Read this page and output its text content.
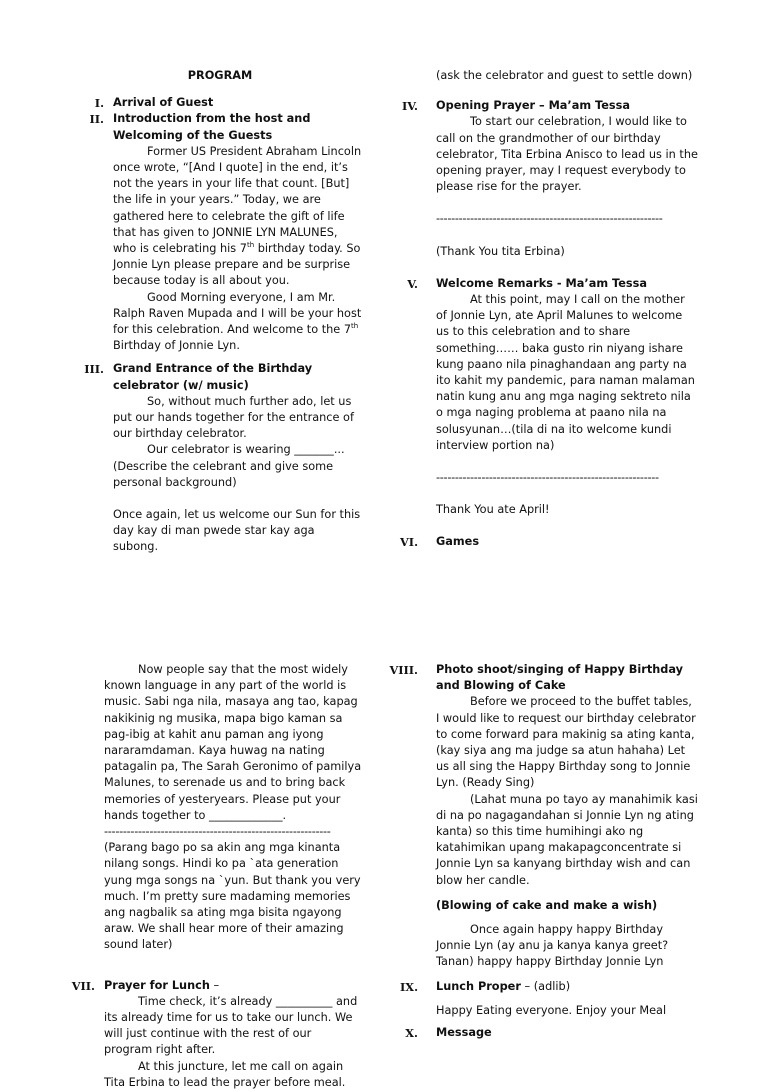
PROGRAM
I. Arrival of Guest
II. Introduction from the host and Welcoming of the Guests
Former US President Abraham Lincoln once wrote, “[And I quote] in the end, it’s not the years in your life that count. [But] the life in your years.” Today, we are gathered here to celebrate the gift of life that has given to JONNIE LYN MALUNES, who is celebrating his 7th birthday today. So Jonnie Lyn please prepare and be surprise because today is all about you.
Good Morning everyone, I am Mr. Ralph Raven Mupada and I will be your host for this celebration. And welcome to the 7th Birthday of Jonnie Lyn.
III. Grand Entrance of the Birthday celebrator (w/ music)
So, without much further ado, let us put our hands together for the entrance of our birthday celebrator.
Our celebrator is wearing _______...
(Describe the celebrant and give some personal background)
Once again, let us welcome our Sun for this day kay di man pwede star kay aga subong.
(ask the celebrator and guest to settle down)
IV. Opening Prayer – Ma’am Tessa
To start our celebration, I would like to call on the grandmother of our birthday celebrator, Tita Erbina Anisco to lead us in the opening prayer, may I request everybody to please rise for the prayer.
------------------------------------------------------------
(Thank You tita Erbina)
V. Welcome Remarks - Ma’am Tessa
At this point, may I call on the mother of Jonnie Lyn, ate April Malunes to welcome us to this celebration and to share something…… baka gusto rin niyang ishare kung paano nila pinaghandaan ang party na ito kahit my pandemic, para naman malaman natin kung anu ang mga naging sektreto nila o mga naging problema at paano nila na solusyunan…(tila di na ito welcome kundi interview portion na)
-----------------------------------------------------------
Thank You ate April!
VI. Games
Now people say that the most widely known language in any part of the world is music. Sabi nga nila, masaya ang tao, kapag nakikinig ng musika, mapa bigo kaman sa pag-ibig at kahit anu paman ang iyong nararamdaman. Kaya huwag na nating patagalin pa, The Sarah Geronimo of pamilya Malunes, to serenade us and to bring back memories of yesteryears. Please put your hands together to _____________.
------------------------------------------------------------
(Parang bago po sa akin ang mga kinanta nilang songs. Hindi ko pa `ata generation yung mga songs na `yun. But thank you very much. I’m pretty sure madaming memories ang nagbalik sa ating mga bisita ngayong araw. We shall hear more of their amazing sound later)
VII. Prayer for Lunch –
Time check, it’s already __________ and its already time for us to take our lunch. We will just continue with the rest of our program right after.
At this juncture, let me call on again Tita Erbina to lead the prayer before meal.
VIII. Photo shoot/singing of Happy Birthday and Blowing of Cake
Before we proceed to the buffet tables, I would like to request our birthday celebrator to come forward para makinig sa ating kanta, (kay siya ang ma judge sa atun hahaha) Let us all sing the Happy Birthday song to Jonnie Lyn. (Ready Sing)
(Lahat muna po tayo ay manahimik kasi di na po nagagandahan si Jonnie Lyn ng ating kanta) so this time humihingi ako ng katahimikan upang makapagconcentrate si Jonnie Lyn sa kanyang birthday wish and can blow her candle.
(Blowing of cake and make a wish)
Once again happy happy Birthday Jonnie Lyn (ay anu ja kanya kanya greet? Tanan) happy happy Birthday Jonnie Lyn
IX. Lunch Proper – (adlib)
Happy Eating everyone. Enjoy your Meal
X. Message
